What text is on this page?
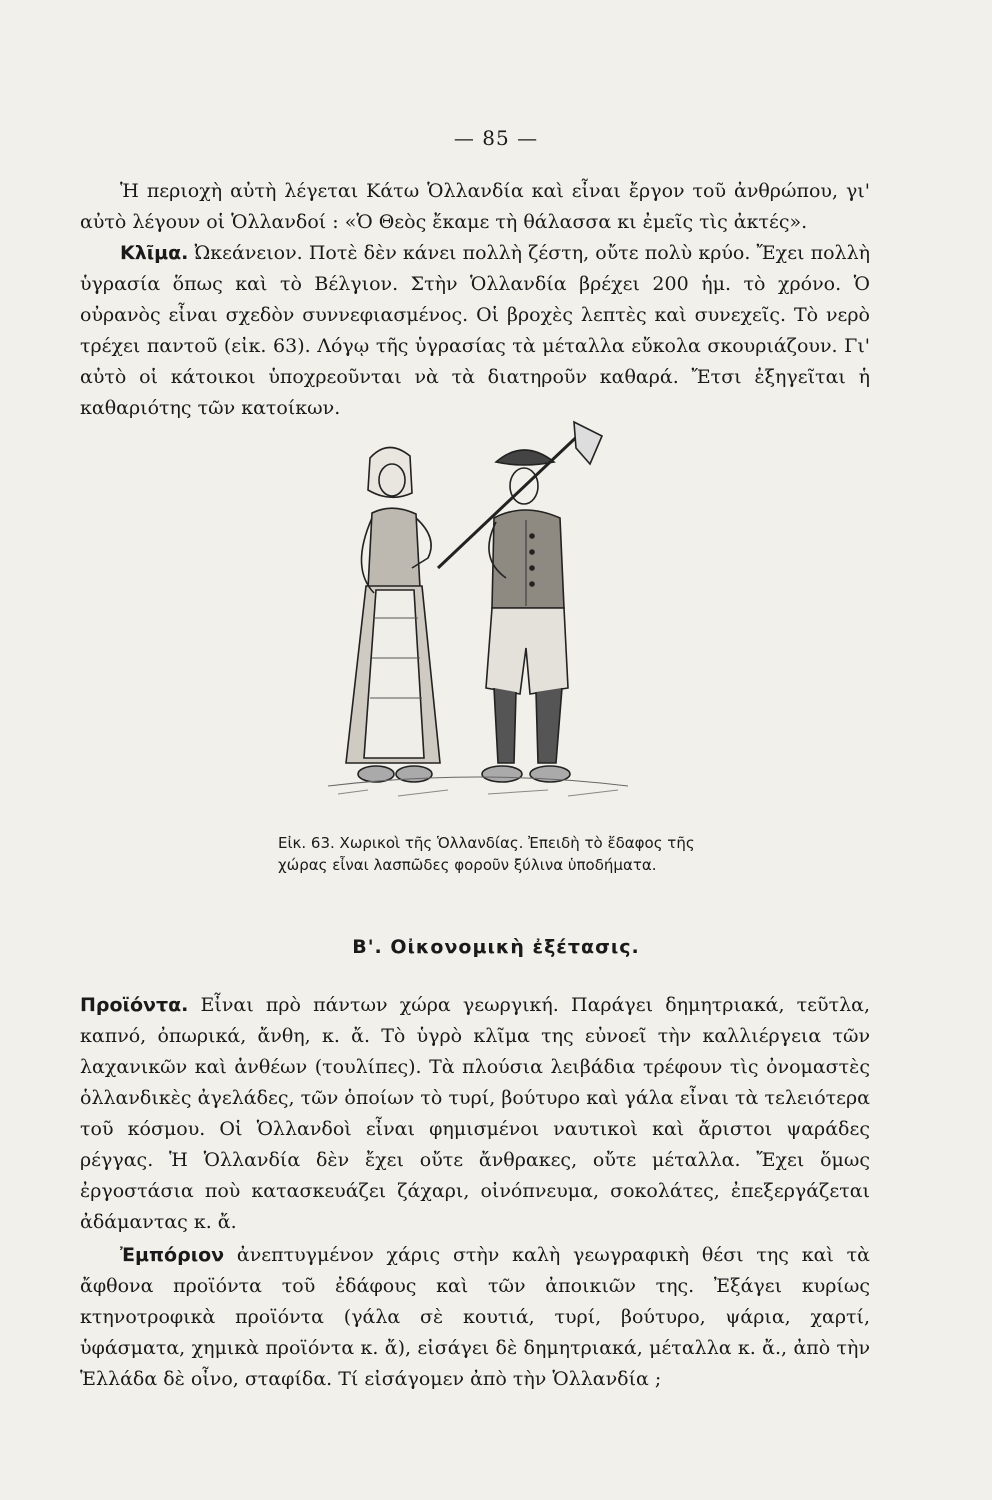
— 85 —

Ἡ περιοχὴ αὐτὴ λέγεται Κάτω Ὁλλανδία καὶ εἶναι ἔργον τοῦ ἀνθρώπου, γι' αὐτὸ λέγουν οἱ Ὁλλανδοί : «Ὁ Θεὸς ἔκαμε τὴ θάλασσα κι ἐμεῖς τὶς ἀκτές».

Κλῖμα. Ὠκεάνειον. Ποτὲ δὲν κάνει πολλὴ ζέστη, οὔτε πολὺ κρύο. Ἔχει πολλὴ ὑγρασία ὅπως καὶ τὸ Βέλγιον. Στὴν Ὁλλανδία βρέχει 200 ἡμ. τὸ χρόνο. Ὁ οὐρανὸς εἶναι σχεδὸν συννεφιασμένος. Οἱ βροχὲς λεπτὲς καὶ συνεχεῖς. Τὸ νερὸ τρέχει παντοῦ (εἰκ. 63). Λόγῳ τῆς ὑγρασίας τὰ μέταλλα εὔκολα σκουριάζουν. Γι' αὐτὸ οἱ κάτοικοι ὑποχρεοῦνται νὰ τὰ διατηροῦν καθαρά. Ἔτσι ἐξηγεῖται ἡ καθαριότης τῶν κατοίκων.

Εἰκ. 63. Χωρικοὶ τῆς Ὁλλανδίας. Ἐπειδὴ τὸ ἔδαφος τῆς χώρας εἶναι λασπῶδες φοροῦν ξύλινα ὑποδήματα.
Β'. Οἰκονομικὴ ἐξέτασις.

Προϊόντα. Εἶναι πρὸ πάντων χώρα γεωργική. Παράγει δημητριακά, τεῦτλα, καπνό, ὀπωρικά, ἄνθη, κ. ἄ. Τὸ ὑγρὸ κλῖμα της εὐνοεῖ τὴν καλλιέργεια τῶν λαχανικῶν καὶ ἀνθέων (τουλίπες). Τὰ πλούσια λειβάδια τρέφουν τὶς ὀνομαστὲς ὁλλανδικὲς ἀγελάδες, τῶν ὁποίων τὸ τυρί, βούτυρο καὶ γάλα εἶναι τὰ τελειότερα τοῦ κόσμου. Οἱ Ὁλλανδοὶ εἶναι φημισμένοι ναυτικοὶ καὶ ἄριστοι ψαράδες ρέγγας. Ἡ Ὁλλανδία δὲν ἔχει οὔτε ἄνθρακες, οὔτε μέταλλα. Ἔχει ὅμως ἐργοστάσια ποὺ κατασκευάζει ζάχαρι, οἰνόπνευμα, σοκολάτες, ἐπεξεργάζεται ἀδάμαντας κ. ἄ.

Ἐμπόριον ἀνεπτυγμένον χάρις στὴν καλὴ γεωγραφικὴ θέσι της καὶ τὰ ἄφθονα προϊόντα τοῦ ἐδάφους καὶ τῶν ἀποικιῶν της. Ἐξάγει κυρίως κτηνοτροφικὰ προϊόντα (γάλα σὲ κουτιά, τυρί, βούτυρο, ψάρια, χαρτί, ὑφάσματα, χημικὰ προϊόντα κ. ἄ), εἰσάγει δὲ δημητριακά, μέταλλα κ. ἄ., ἀπὸ τὴν Ἑλλάδα δὲ οἶνο, σταφίδα. Τί εἰσάγομεν ἀπὸ τὴν Ὁλλανδία ;
